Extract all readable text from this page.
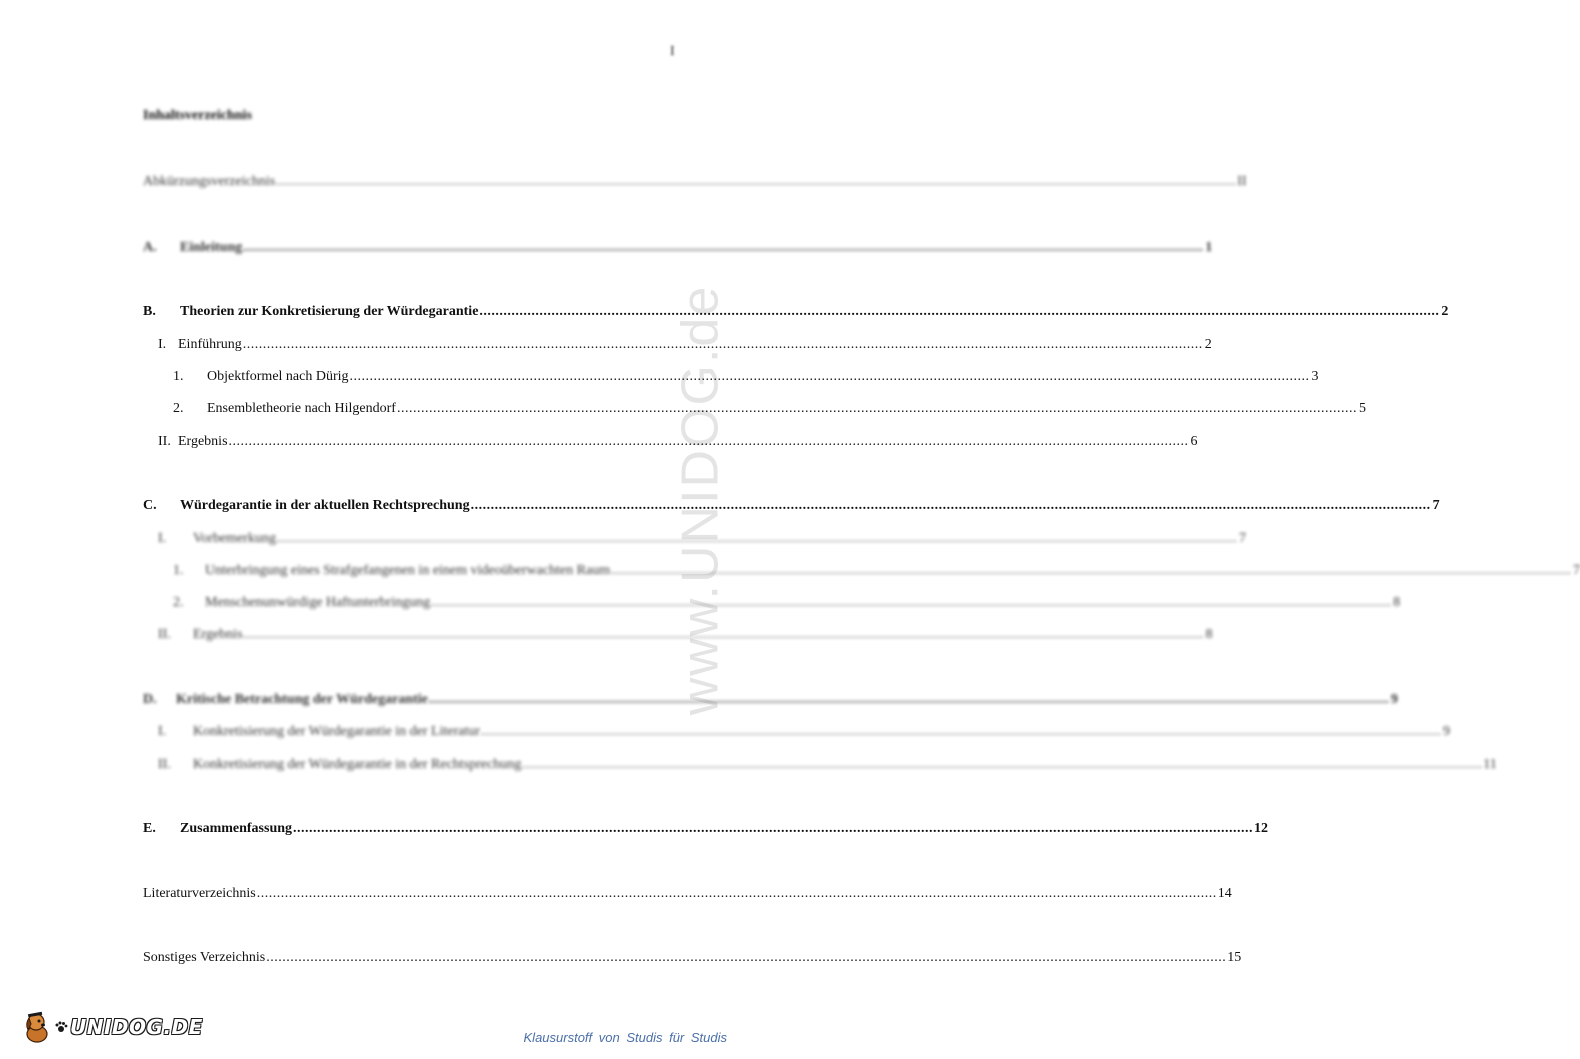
I
Inhaltsverzeichnis
www.UNIDOG.de
Abkürzungsverzeichnis .....	II
A.	Einleitung .....	1
B.	Theorien zur Konkretisierung der Würdegarantie .....	2
I. Einführung .....	2
1.	Objektformel nach Dürig .....	3
2.	Ensembletheorie nach Hilgendorf .....	5
II. Ergebnis .....	6
C.	Würdegarantie in der aktuellen Rechtsprechung .....	7
I.	Vorbemerkung .....	7
1.	Unterbringung eines Strafgefangenen in einem videoüberwachten Raum .....	7
2.	Menschenunwürdige Haftunterbringung .....	8
II.	Ergebnis .....	8
D.	Kritische Betrachtung der Würdegarantie .....	9
I.	Konkretisierung der Würdegarantie in der Literatur .....	9
II.	Konkretisierung der Würdegarantie in der Rechtsprechung .....	11
E.	Zusammenfassung .....	12
Literaturverzeichnis .....	14
Sonstiges Verzeichnis .....	15
UNIDOG.DE	Klausurstoff von Studis für Studis
